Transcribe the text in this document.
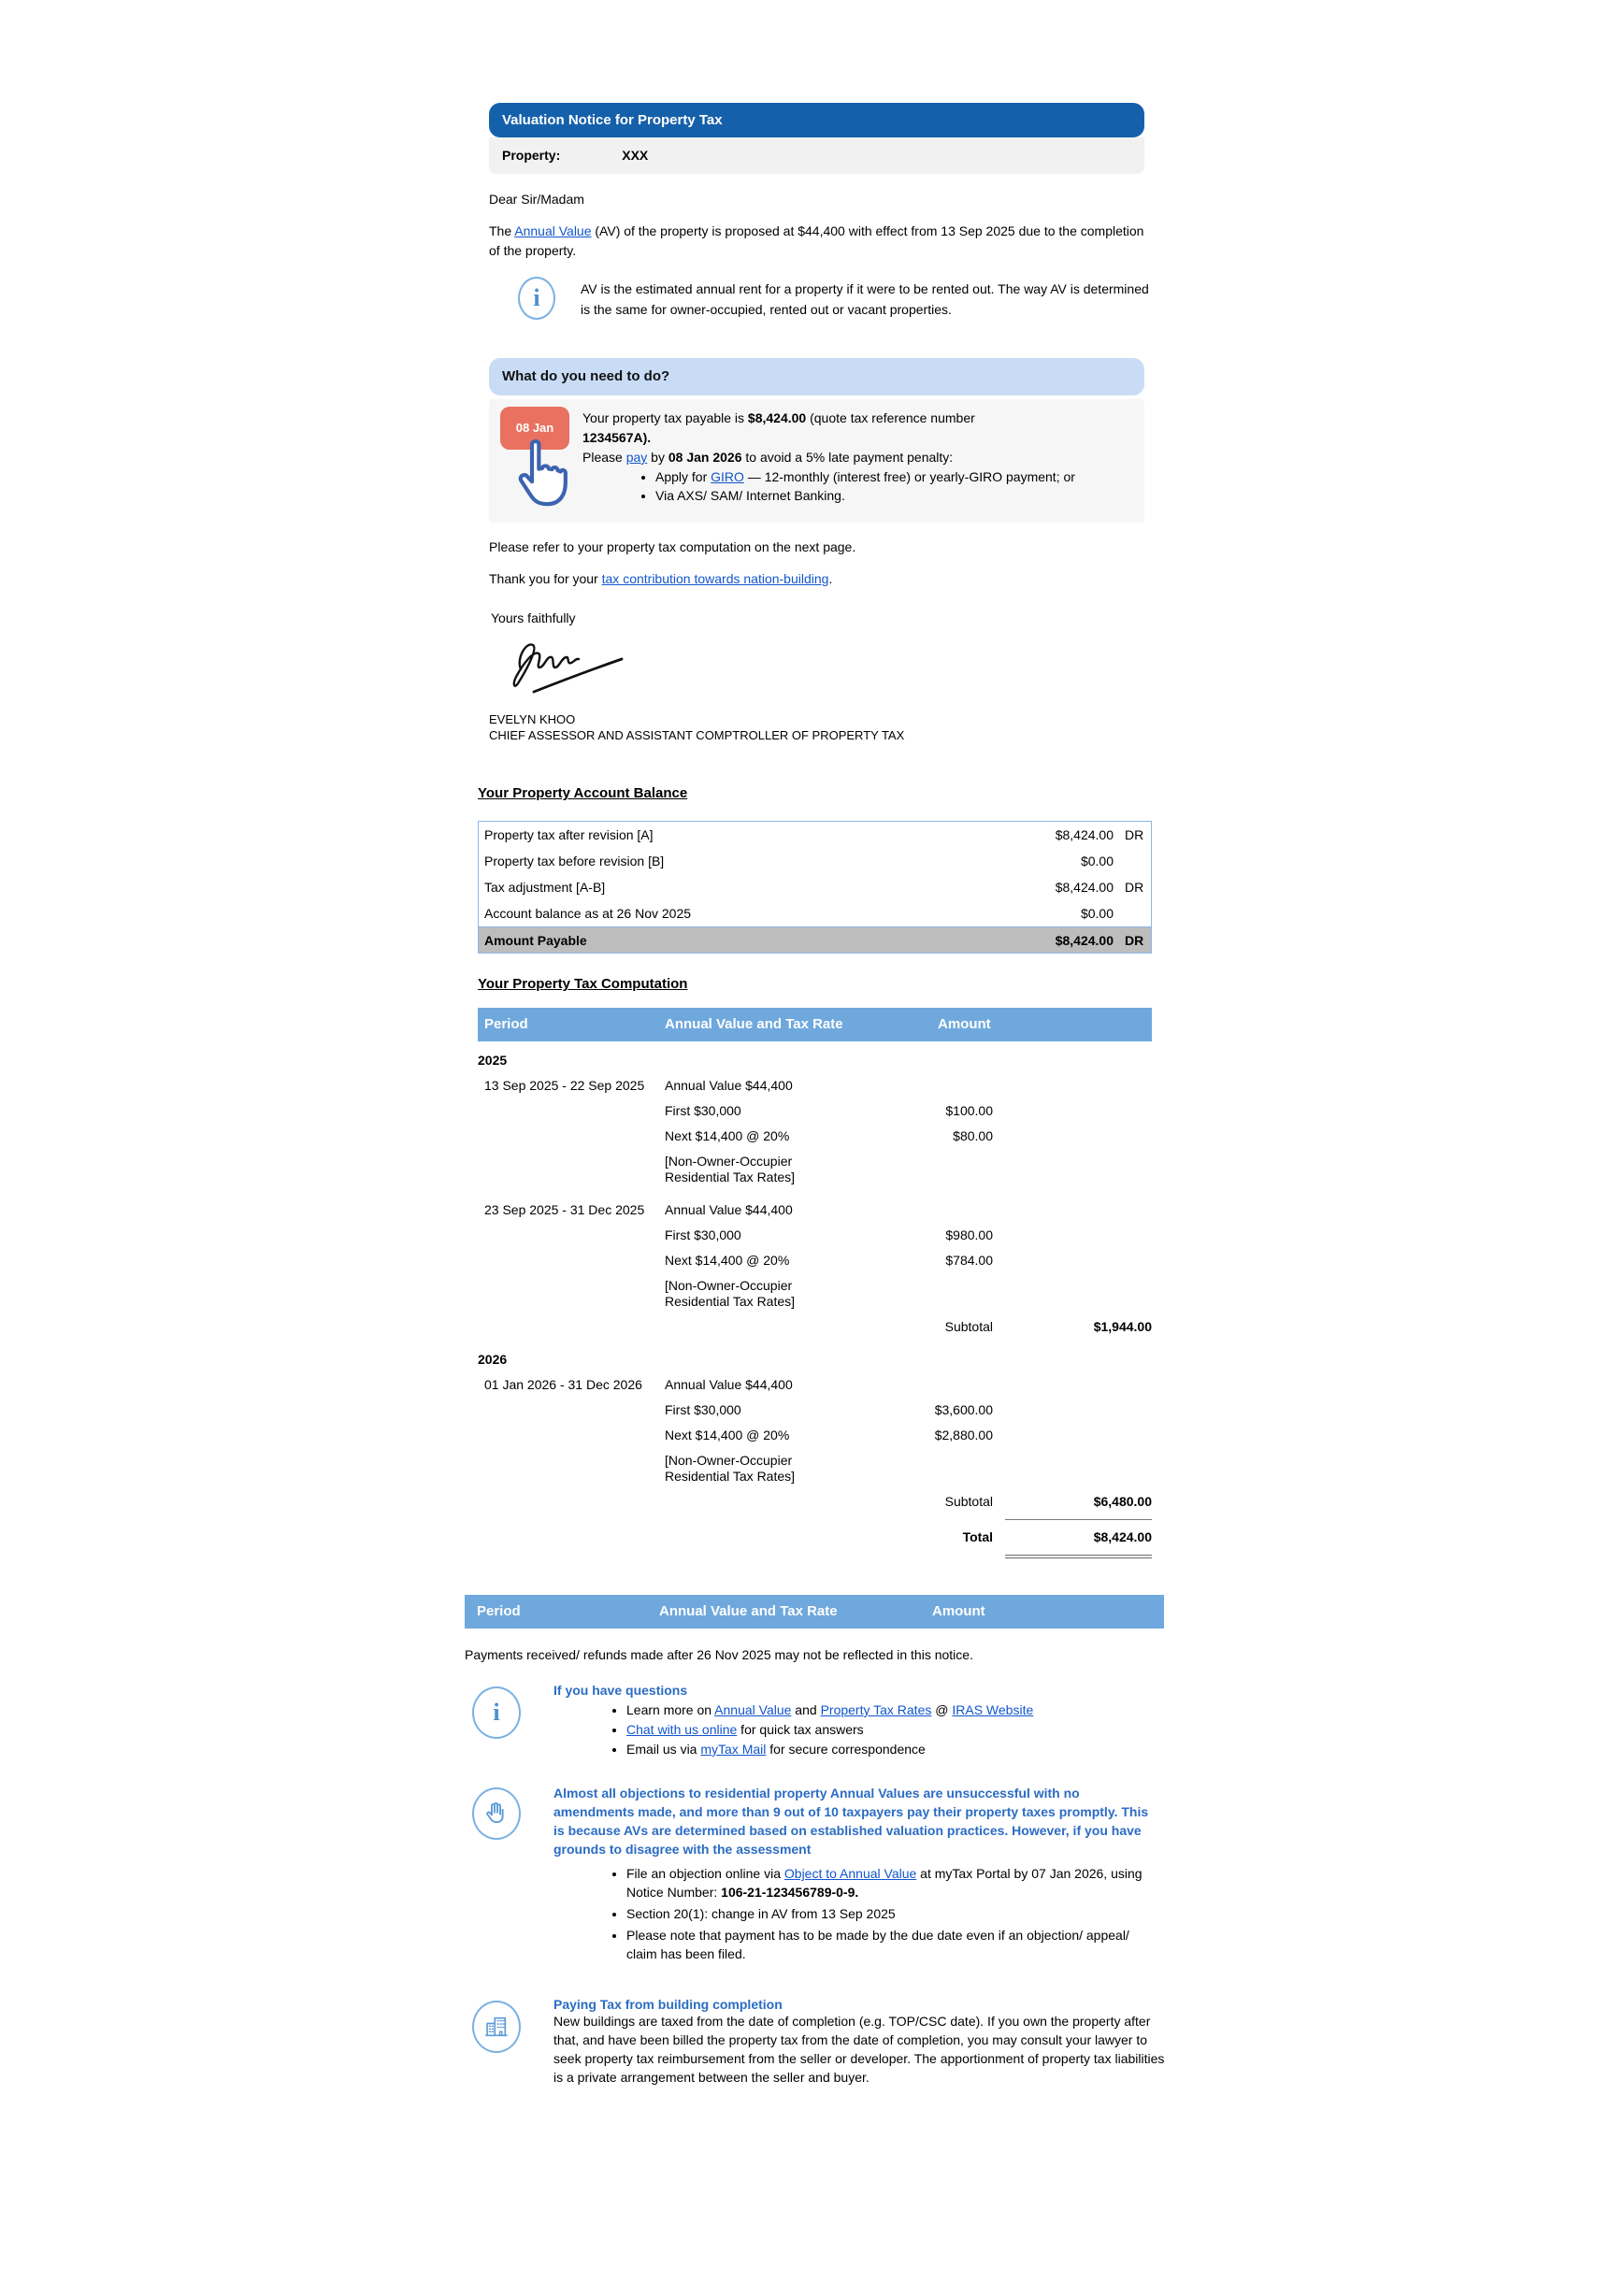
Valuation Notice for Property Tax
Property:	XXX
Dear Sir/Madam
The Annual Value (AV) of the property is proposed at $44,400 with effect from 13 Sep 2025 due to the completion of the property.
i	AV is the estimated annual rent for a property if it were to be rented out. The way AV is determined is the same for owner-occupied, rented out or vacant properties.
What do you need to do?
08 Jan
Your property tax payable is $8,424.00 (quote tax reference number
1234567A).
Please pay by 08 Jan 2026 to avoid a 5% late payment penalty:
• Apply for GIRO — 12-monthly (interest free) or yearly-GIRO payment; or
• Via AXS/ SAM/ Internet Banking.
Please refer to your property tax computation on the next page.
Thank you for your tax contribution towards nation-building.
Yours faithfully
EVELYN KHOO
CHIEF ASSESSOR AND ASSISTANT COMPTROLLER OF PROPERTY TAX
Your Property Account Balance
Property tax after revision [A]	$8,424.00 DR
Property tax before revision [B]	$0.00
Tax adjustment [A-B]	$8,424.00 DR
Account balance as at 26 Nov 2025	$0.00
Amount Payable	$8,424.00 DR
Your Property Tax Computation
Period	Annual Value and Tax Rate	Amount
2025
13 Sep 2025 - 22 Sep 2025	Annual Value $44,400
First $30,000	$100.00
Next $14,400 @ 20%	$80.00
[Non-Owner-Occupier Residential Tax Rates]
23 Sep 2025 - 31 Dec 2025	Annual Value $44,400
First $30,000	$980.00
Next $14,400 @ 20%	$784.00
[Non-Owner-Occupier Residential Tax Rates]
Subtotal	$1,944.00
2026
01 Jan 2026 - 31 Dec 2026	Annual Value $44,400
First $30,000	$3,600.00
Next $14,400 @ 20%	$2,880.00
[Non-Owner-Occupier Residential Tax Rates]
Subtotal	$6,480.00
Total	$8,424.00
Period	Annual Value and Tax Rate	Amount
Payments received/ refunds made after 26 Nov 2025 may not be reflected in this notice.
i
If you have questions
• Learn more on Annual Value and Property Tax Rates @ IRAS Website
• Chat with us online for quick tax answers
• Email us via myTax Mail for secure correspondence
Almost all objections to residential property Annual Values are unsuccessful with no amendments made, and more than 9 out of 10 taxpayers pay their property taxes promptly. This is because AVs are determined based on established valuation practices. However, if you have grounds to disagree with the assessment
• File an objection online via Object to Annual Value at myTax Portal by 07 Jan 2026, using Notice Number: 106-21-123456789-0-9.
• Section 20(1): change in AV from 13 Sep 2025
• Please note that payment has to be made by the due date even if an objection/ appeal/ claim has been filed.
Paying Tax from building completion
New buildings are taxed from the date of completion (e.g. TOP/CSC date). If you own the property after that, and have been billed the property tax from the date of completion, you may consult your lawyer to seek property tax reimbursement from the seller or developer. The apportionment of property tax liabilities is a private arrangement between the seller and buyer.
